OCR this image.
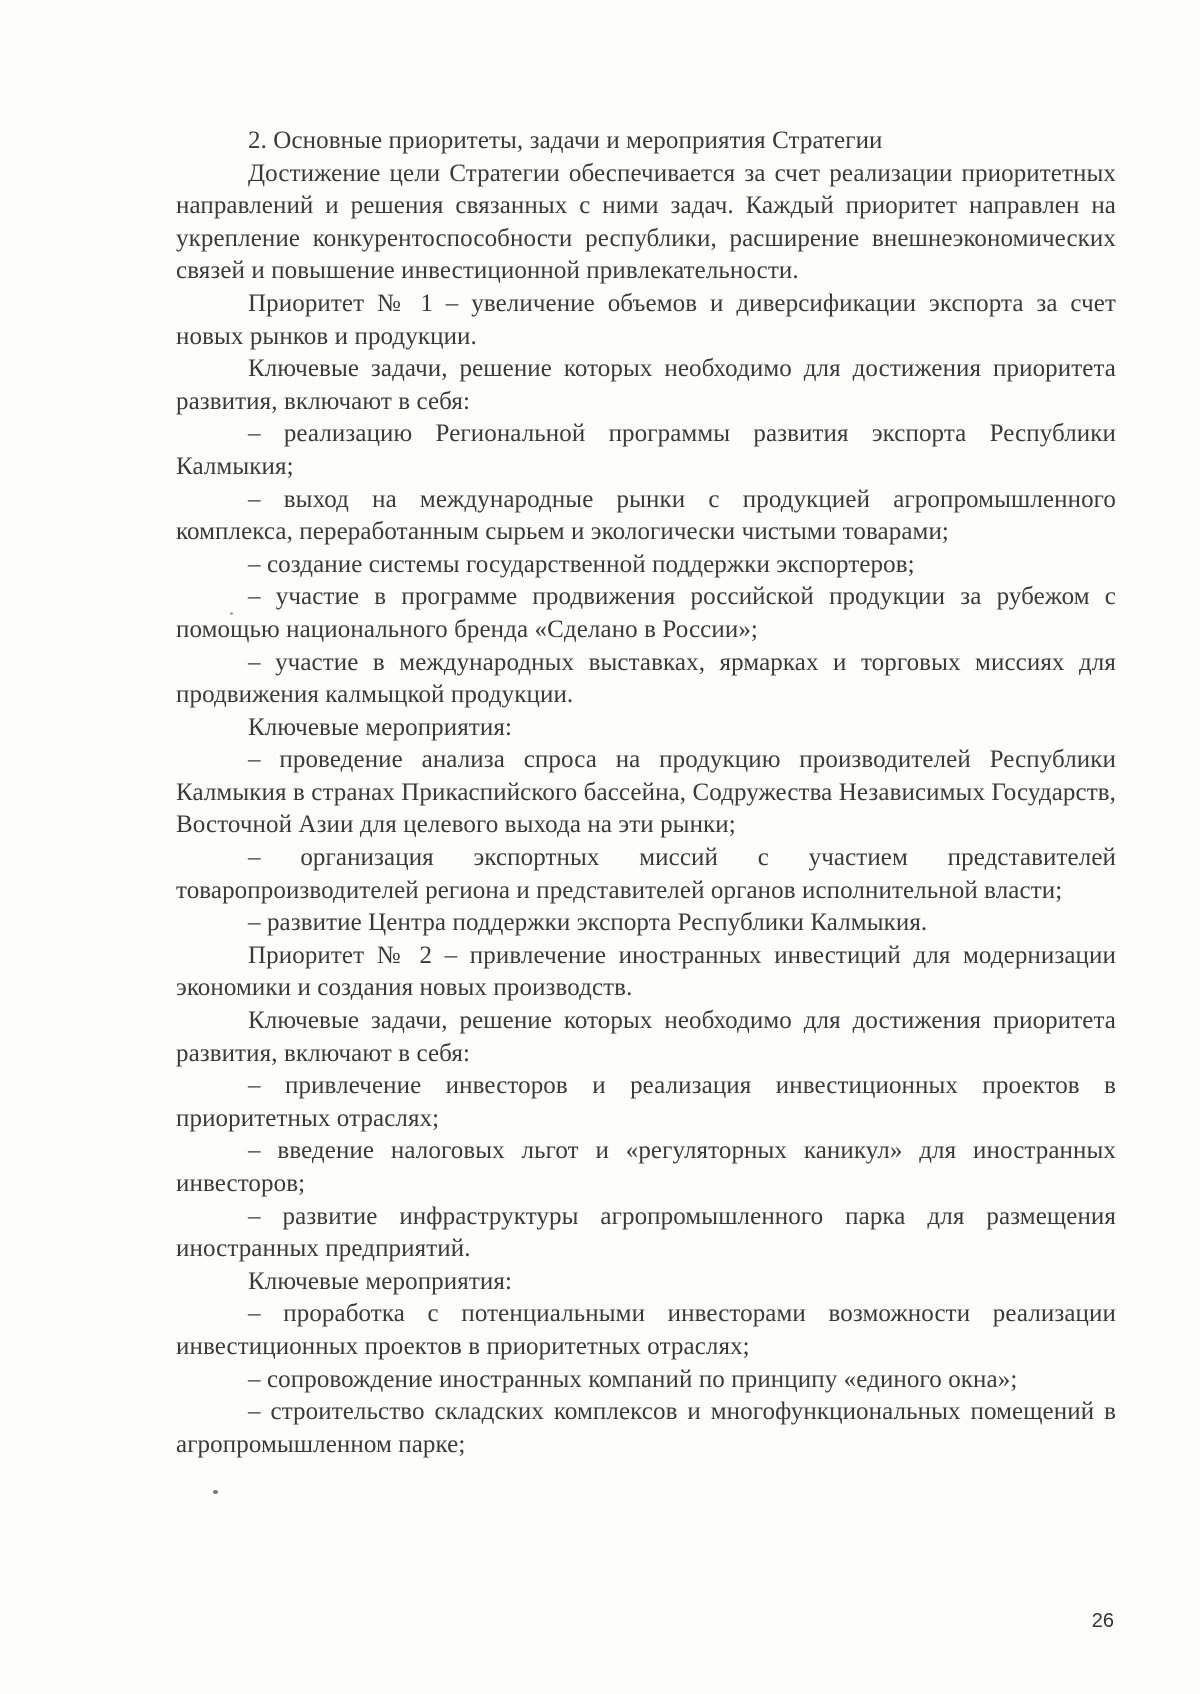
2. Основные приоритеты, задачи и мероприятия Стратегии

Достижение цели Стратегии обеспечивается за счет реализации приоритетных направлений и решения связанных с ними задач. Каждый приоритет направлен на укрепление конкурентоспособности республики, расширение внешнеэкономических связей и повышение инвестиционной привлекательности.

Приоритет № 1 – увеличение объемов и диверсификации экспорта за счет новых рынков и продукции.

Ключевые задачи, решение которых необходимо для достижения приоритета развития, включают в себя:

– реализацию Региональной программы развития экспорта Республики Калмыкия;

– выход на международные рынки с продукцией агропромышленного комплекса, переработанным сырьем и экологически чистыми товарами;

– создание системы государственной поддержки экспортеров;

– участие в программе продвижения российской продукции за рубежом с помощью национального бренда «Сделано в России»;

– участие в международных выставках, ярмарках и торговых миссиях для продвижения калмыцкой продукции.

Ключевые мероприятия:

– проведение анализа спроса на продукцию производителей Республики Калмыкия в странах Прикаспийского бассейна, Содружества Независимых Государств, Восточной Азии для целевого выхода на эти рынки;

– организация экспортных миссий с участием представителей товаропроизводителей региона и представителей органов исполнительной власти;

– развитие Центра поддержки экспорта Республики Калмыкия.

Приоритет № 2 – привлечение иностранных инвестиций для модернизации экономики и создания новых производств.

Ключевые задачи, решение которых необходимо для достижения приоритета развития, включают в себя:

– привлечение инвесторов и реализация инвестиционных проектов в приоритетных отраслях;

– введение налоговых льгот и «регуляторных каникул» для иностранных инвесторов;

– развитие инфраструктуры агропромышленного парка для размещения иностранных предприятий.

Ключевые мероприятия:

– проработка с потенциальными инвесторами возможности реализации инвестиционных проектов в приоритетных отраслях;

– сопровождение иностранных компаний по принципу «единого окна»;

– строительство складских комплексов и многофункциональных помещений в агропромышленном парке;

26
